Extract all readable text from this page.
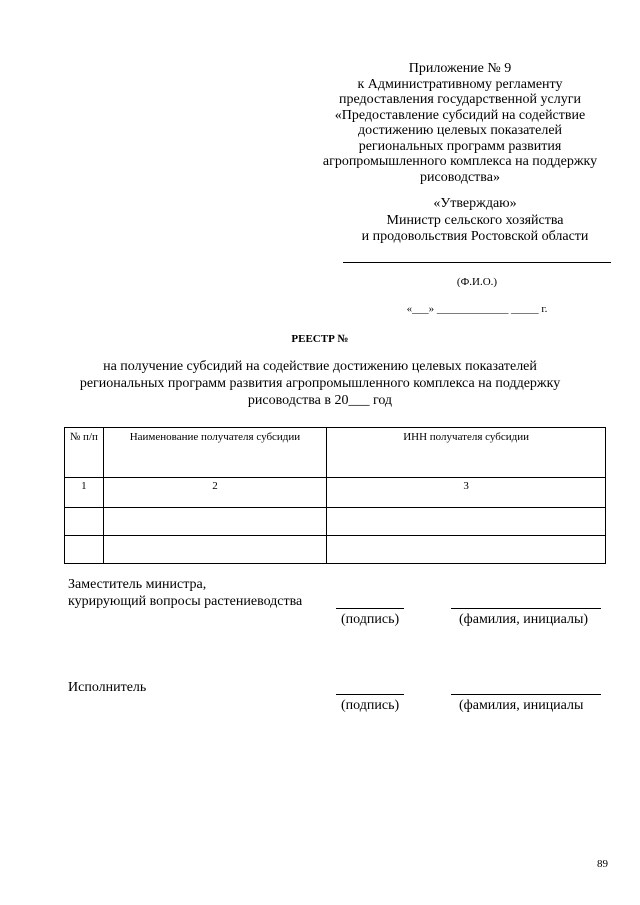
Приложение № 9
к Административному регламенту
предоставления государственной услуги
«Предоставление субсидий на содействие
достижению целевых показателей
региональных программ развития
агропромышленного комплекса на поддержку
рисоводства»
«Утверждаю»
Министр сельского хозяйства
и продовольствия Ростовской области
(Ф.И.О.)
«___» _____________ _____ г.
РЕЕСТР №
на получение субсидий на содействие достижению целевых показателей
региональных программ развития агропромышленного комплекса на поддержку
рисоводства в 20___ год
№ п/п	Наименование получателя субсидии	ИНН получателя субсидии
1	2	3

Заместитель министра,
курирующий вопросы растениеводства
(подпись)	(фамилия, инициалы)
Исполнитель
(подпись)	(фамилия, инициалы
89
